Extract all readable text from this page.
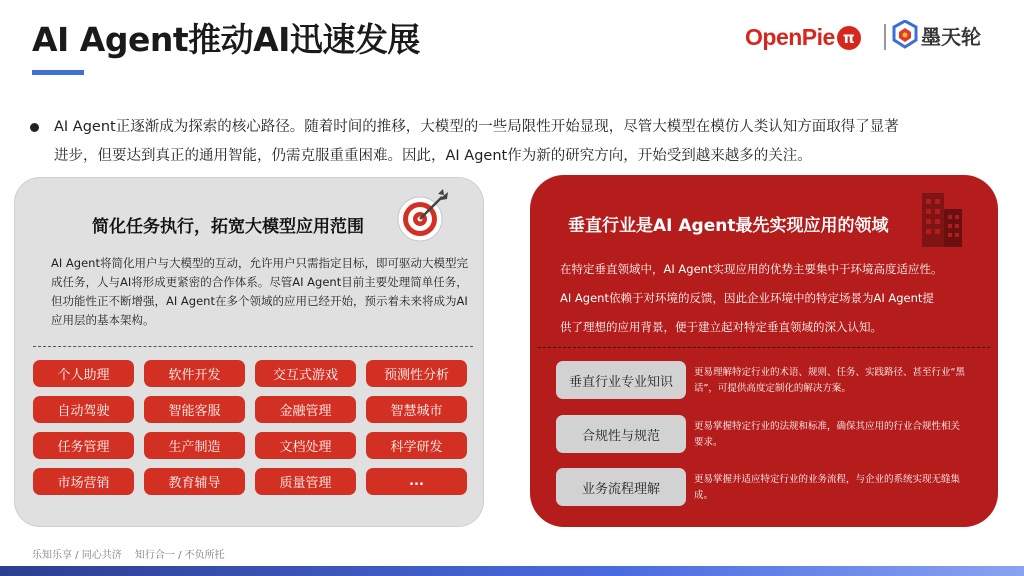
AI Agent推动AI迅速发展	OpenPie π	墨天轮
AI Agent正逐渐成为探索的核心路径。随着时间的推移，大模型的一些局限性开始显现，尽管大模型在模仿人类认知方面取得了显著
进步，但要达到真正的通用智能，仍需克服重重困难。因此，AI Agent作为新的研究方向，开始受到越来越多的关注。
简化任务执行，拓宽大模型应用范围
AI Agent将简化用户与大模型的互动，允许用户只需指定目标，即可驱动大模型完成任务，人与AI将形成更紧密的合作体系。尽管AI Agent目前主要处理简单任务，但功能性正不断增强，AI Agent在多个领域的应用已经开始，预示着未来将成为AI应用层的基本架构。
个人助理	软件开发	交互式游戏	预测性分析
自动驾驶	智能客服	金融管理	智慧城市
任务管理	生产制造	文档处理	科学研发
市场营销	教育辅导	质量管理	...
垂直行业是AI Agent最先实现应用的领域
在特定垂直领域中，AI Agent实现应用的优势主要集中于环境高度适应性。
AI Agent依赖于对环境的反馈，因此企业环境中的特定场景为AI Agent提
供了理想的应用背景，便于建立起对特定垂直领域的深入认知。
垂直行业专业知识
更易理解特定行业的术语、规则、任务、实践路径、甚至行业“黑话”，可提供高度定制化的解决方案。
合规性与规范
更易掌握特定行业的法规和标准，确保其应用的行业合规性相关要求。
业务流程理解
更易掌握并适应特定行业的业务流程，与企业的系统实现无缝集成。
乐知乐享 / 同心共济 知行合一 / 不负所托
